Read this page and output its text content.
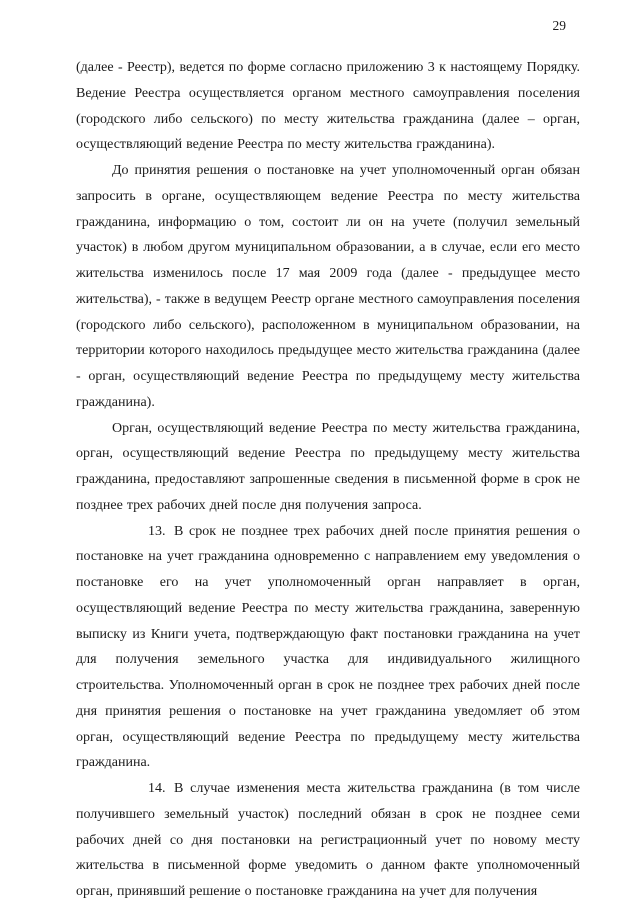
29

(далее - Реестр), ведется по форме согласно приложению 3 к настоящему Порядку. Ведение Реестра осуществляется органом местного самоуправления поселения (городского либо сельского) по месту жительства гражданина (далее – орган, осуществляющий ведение Реестра по месту жительства гражданина).

До принятия решения о постановке на учет уполномоченный орган обязан запросить в органе, осуществляющем ведение Реестра по месту жительства гражданина, информацию о том, состоит ли он на учете (получил земельный участок) в любом другом муниципальном образовании, а в случае, если его место жительства изменилось после 17 мая 2009 года (далее - предыдущее место жительства), - также в ведущем Реестр органе местного самоуправления поселения (городского либо сельского), расположенном в муниципальном образовании, на территории которого находилось предыдущее место жительства гражданина (далее - орган, осуществляющий ведение Реестра по предыдущему месту жительства гражданина).

Орган, осуществляющий ведение Реестра по месту жительства гражданина, орган, осуществляющий ведение Реестра по предыдущему месту жительства гражданина, предоставляют запрошенные сведения в письменной форме в срок не позднее трех рабочих дней после дня получения запроса.

13. В срок не позднее трех рабочих дней после принятия решения о постановке на учет гражданина одновременно с направлением ему уведомления о постановке его на учет уполномоченный орган направляет в орган, осуществляющий ведение Реестра по месту жительства гражданина, заверенную выписку из Книги учета, подтверждающую факт постановки гражданина на учет для получения земельного участка для индивидуального жилищного строительства. Уполномоченный орган в срок не позднее трех рабочих дней после дня принятия решения о постановке на учет гражданина уведомляет об этом орган, осуществляющий ведение Реестра по предыдущему месту жительства гражданина.

14. В случае изменения места жительства гражданина (в том числе получившего земельный участок) последний обязан в срок не позднее семи рабочих дней со дня постановки на регистрационный учет по новому месту жительства в письменной форме уведомить о данном факте уполномоченный орган, принявший решение о постановке гражданина на учет для получения
